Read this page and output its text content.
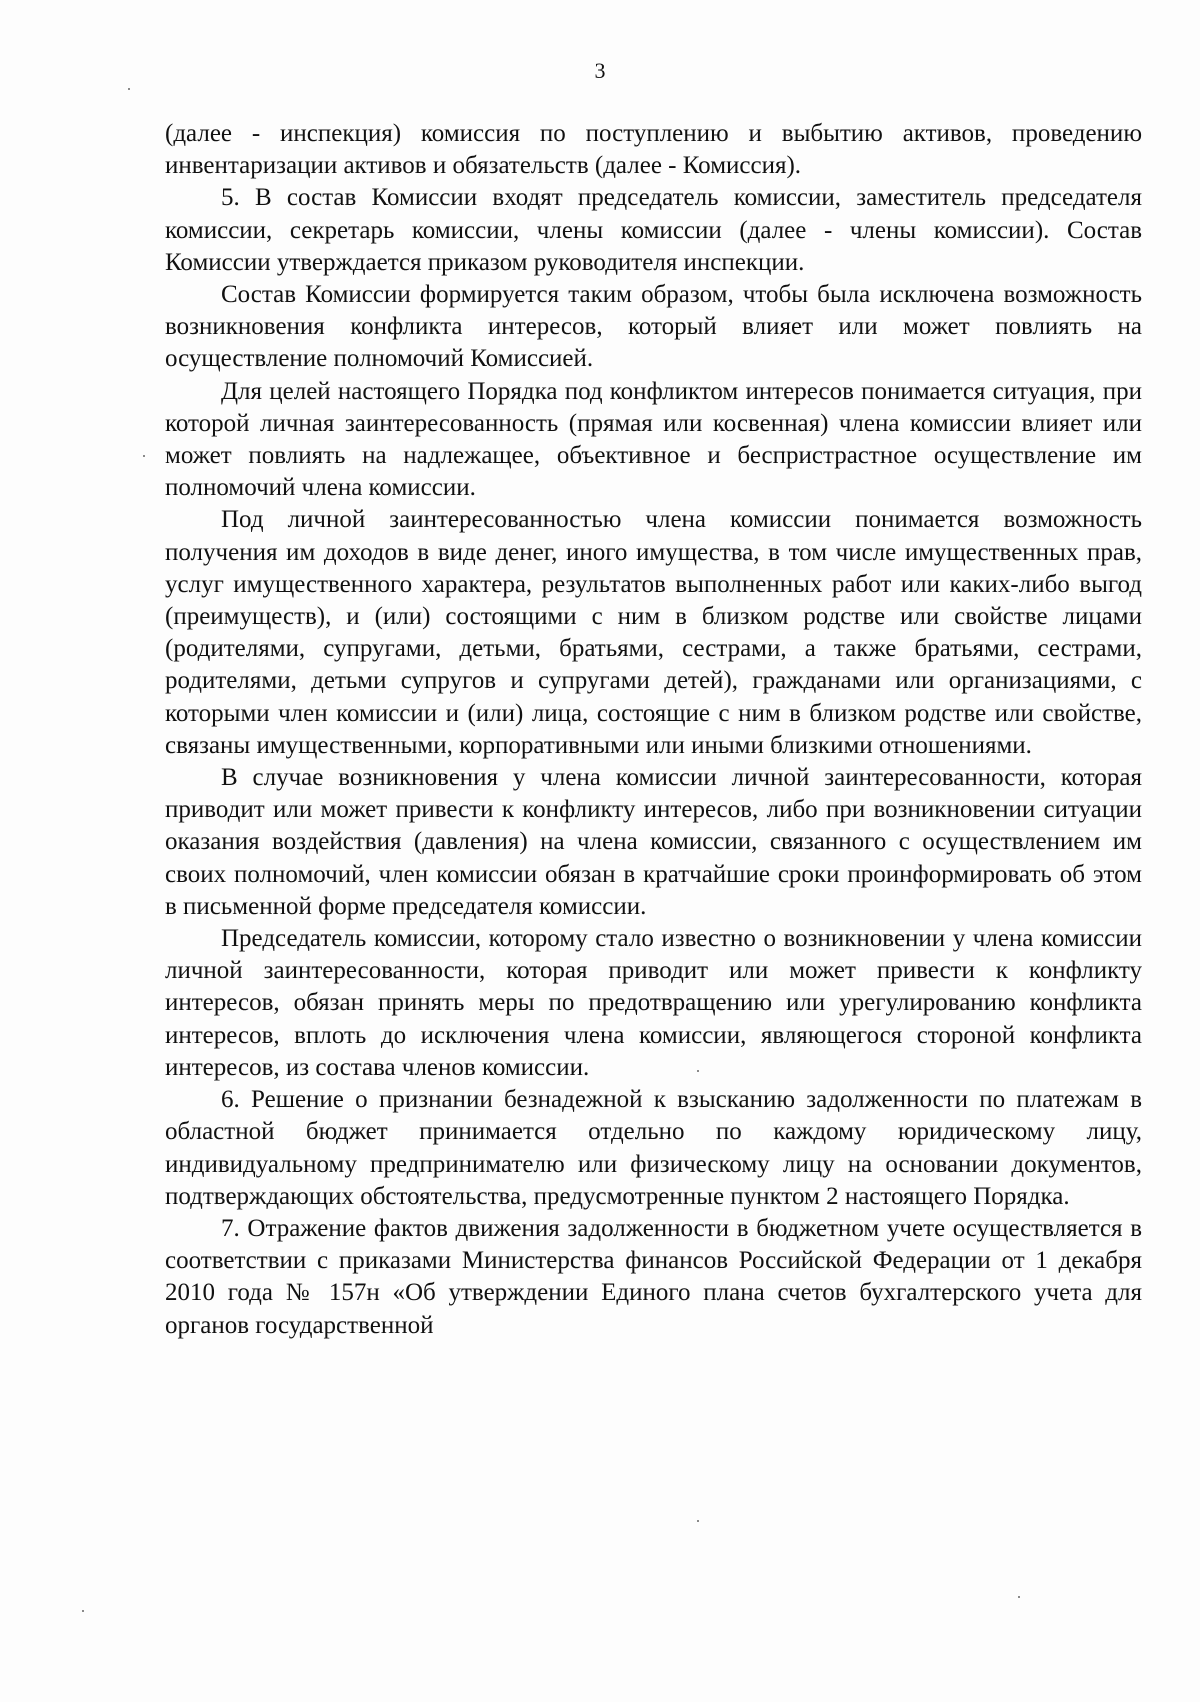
3

(далее - инспекция) комиссия по поступлению и выбытию активов, проведению инвентаризации активов и обязательств (далее - Комиссия).

5. В состав Комиссии входят председатель комиссии, заместитель председателя комиссии, секретарь комиссии, члены комиссии (далее - члены комиссии). Состав Комиссии утверждается приказом руководителя инспекции.

Состав Комиссии формируется таким образом, чтобы была исключена возможность возникновения конфликта интересов, который влияет или может повлиять на осуществление полномочий Комиссией.

Для целей настоящего Порядка под конфликтом интересов понимается ситуация, при которой личная заинтересованность (прямая или косвенная) члена комиссии влияет или может повлиять на надлежащее, объективное и беспристрастное осуществление им полномочий члена комиссии.

Под личной заинтересованностью члена комиссии понимается возможность получения им доходов в виде денег, иного имущества, в том числе имущественных прав, услуг имущественного характера, результатов выполненных работ или каких-либо выгод (преимуществ), и (или) состоящими с ним в близком родстве или свойстве лицами (родителями, супругами, детьми, братьями, сестрами, а также братьями, сестрами, родителями, детьми супругов и супругами детей), гражданами или организациями, с которыми член комиссии и (или) лица, состоящие с ним в близком родстве или свойстве, связаны имущественными, корпоративными или иными близкими отношениями.

В случае возникновения у члена комиссии личной заинтересованности, которая приводит или может привести к конфликту интересов, либо при возникновении ситуации оказания воздействия (давления) на члена комиссии, связанного с осуществлением им своих полномочий, член комиссии обязан в кратчайшие сроки проинформировать об этом в письменной форме председателя комиссии.

Председатель комиссии, которому стало известно о возникновении у члена комиссии личной заинтересованности, которая приводит или может привести к конфликту интересов, обязан принять меры по предотвращению или урегулированию конфликта интересов, вплоть до исключения члена комиссии, являющегося стороной конфликта интересов, из состава членов комиссии.

6. Решение о признании безнадежной к взысканию задолженности по платежам в областной бюджет принимается отдельно по каждому юридическому лицу, индивидуальному предпринимателю или физическому лицу на основании документов, подтверждающих обстоятельства, предусмотренные пунктом 2 настоящего Порядка.

7. Отражение фактов движения задолженности в бюджетном учете осуществляется в соответствии с приказами Министерства финансов Российской Федерации от 1 декабря 2010 года № 157н «Об утверждении Единого плана счетов бухгалтерского учета для органов государственной
